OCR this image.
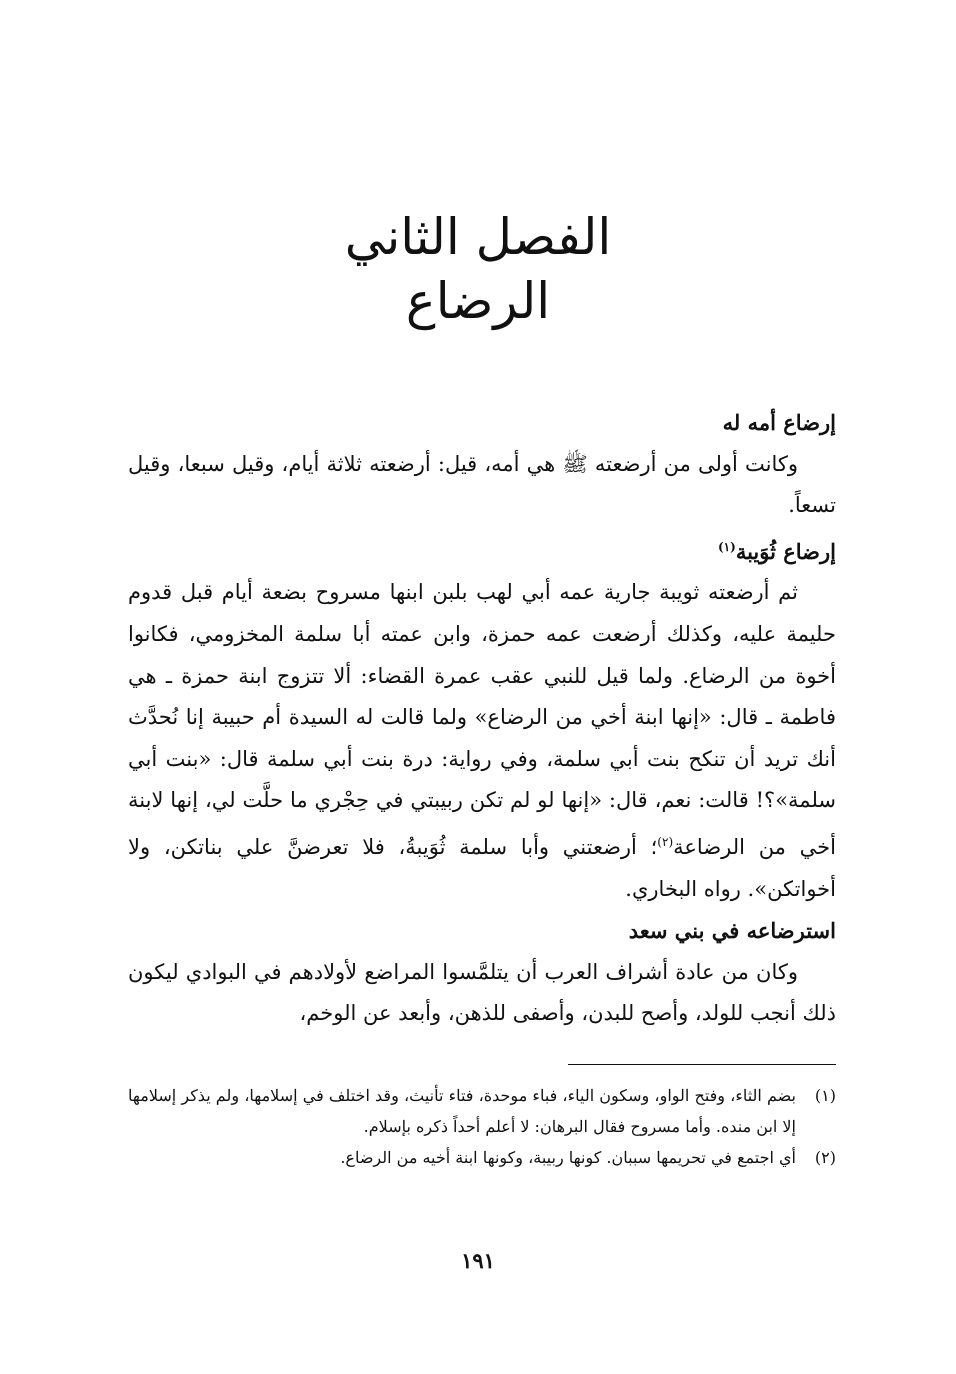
الفصل الثاني
الرضاع

إرضاع أمه له

وكانت أولى من أرضعته ﷺ هي أمه، قيل: أرضعته ثلاثة أيام، وقيل سبعا، وقيل تسعاً.

إرضاع ثُوَيبة$^{(١)}$

ثم أرضعته ثويبة جارية عمه أبي لهب بلبن ابنها مسروح بضعة أيام قبل قدوم حليمة عليه، وكذلك أرضعت عمه حمزة، وابن عمته أبا سلمة المخزومي، فكانوا أخوة من الرضاع. ولما قيل للنبي عقب عمرة القضاء: ألا تتزوج ابنة حمزة ـ هي فاطمة ـ قال: «إنها ابنة أخي من الرضاع» ولما قالت له السيدة أم حبيبة إنا نُحدَّث أنك تريد أن تنكح بنت أبي سلمة، وفي رواية: درة بنت أبي سلمة قال: «بنت أبي سلمة»؟! قالت: نعم، قال: «إنها لو لم تكن ربيبتي في حِجْري ما حلَّت لي، إنها لابنة أخي من الرضاعة$^{(٢)}$؛ أرضعتني وأبا سلمة ثُوَيبةُ، فلا تعرضنَّ علي بناتكن، ولا أخواتكن». رواه البخاري.

استرضاعه في بني سعد

وكان من عادة أشراف العرب أن يتلمَّسوا المراضع لأولادهم في البوادي ليكون ذلك أنجب للولد، وأصح للبدن، وأصفى للذهن، وأبعد عن الوخم،

(١)بضم الثاء، وفتح الواو، وسكون الياء، فباء موحدة، فتاء تأنيث، وقد اختلف في إسلامها، ولم يذكر إسلامها إلا ابن منده. وأما مسروح فقال البرهان: لا أعلم أحداً ذكره بإسلام.

(٢)أي اجتمع في تحريمها سببان. كونها ربيبة، وكونها ابنة أخيه من الرضاع.

١٩١
